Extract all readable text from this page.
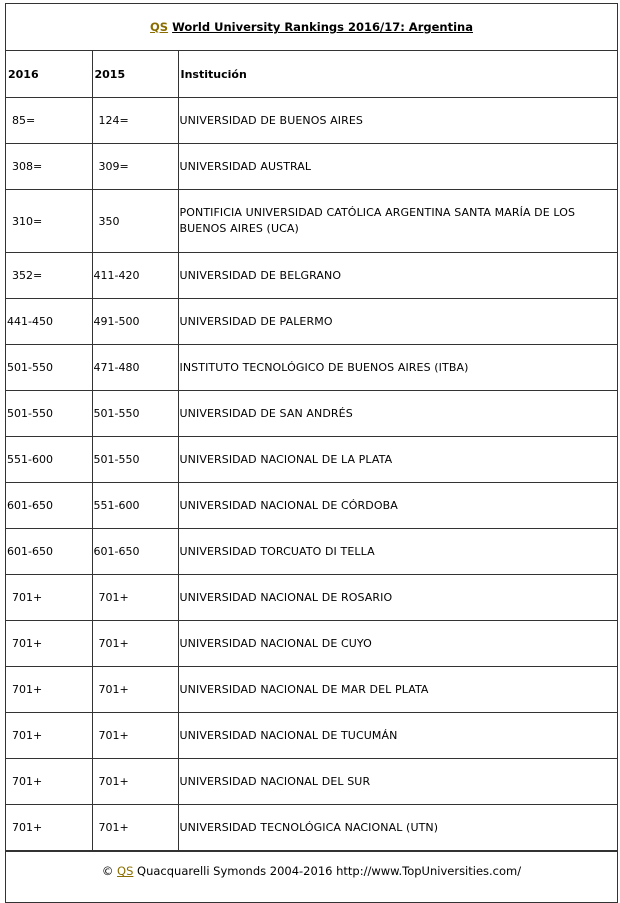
QS World University Rankings 2016/17: Argentina
2016	2015	Institución
85=	124=	UNIVERSIDAD DE BUENOS AIRES
308=	309=	UNIVERSIDAD AUSTRAL
310=	350	PONTIFICIA UNIVERSIDAD CATÓLICA ARGENTINA SANTA MARÍA DE LOS BUENOS AIRES (UCA)
352=	411-420	UNIVERSIDAD DE BELGRANO
441-450	491-500	UNIVERSIDAD DE PALERMO
501-550	471-480	INSTITUTO TECNOLÓGICO DE BUENOS AIRES (ITBA)
501-550	501-550	UNIVERSIDAD DE SAN ANDRÉS
551-600	501-550	UNIVERSIDAD NACIONAL DE LA PLATA
601-650	551-600	UNIVERSIDAD NACIONAL DE CÓRDOBA
601-650	601-650	UNIVERSIDAD TORCUATO DI TELLA
701+	701+	UNIVERSIDAD NACIONAL DE ROSARIO
701+	701+	UNIVERSIDAD NACIONAL DE CUYO
701+	701+	UNIVERSIDAD NACIONAL DE MAR DEL PLATA
701+	701+	UNIVERSIDAD NACIONAL DE TUCUMÁN
701+	701+	UNIVERSIDAD NACIONAL DEL SUR
701+	701+	UNIVERSIDAD TECNOLÓGICA NACIONAL (UTN)
© QS Quacquarelli Symonds 2004-2016 http://www.TopUniversities.com/
